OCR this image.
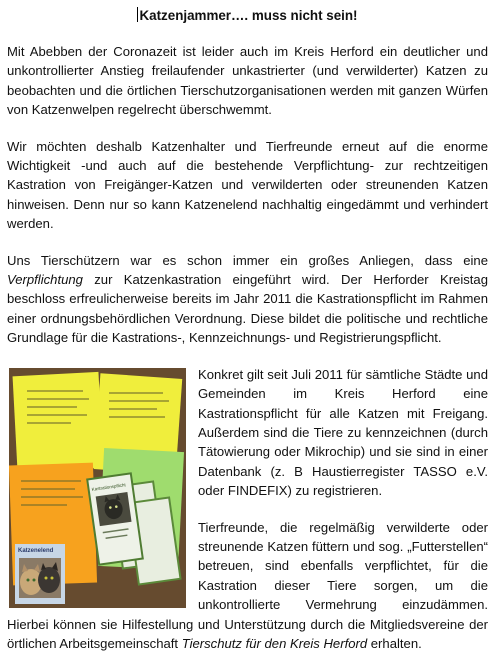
Katzenjammer…. muss nicht sein!

Mit Abebben der Coronazeit ist leider auch im Kreis Herford ein deutlicher und unkontrollierter Anstieg freilaufender unkastrierter (und verwilderter) Katzen zu beobachten und die örtlichen Tierschutzorganisationen werden mit ganzen Würfen von Katzenwelpen regelrecht überschwemmt.

Wir möchten deshalb Katzenhalter und Tierfreunde erneut auf die enorme Wichtigkeit -und auch auf die bestehende Verpflichtung- zur rechtzeitigen Kastration von Freigänger-Katzen und verwilderten oder streunenden Katzen hinweisen. Denn nur so kann Katzenelend nachhaltig eingedämmt und verhindert werden.

Uns Tierschützern war es schon immer ein großes Anliegen, dass eine Verpflichtung zur Katzenkastration eingeführt wird. Der Herforder Kreistag beschloss erfreulicherweise bereits im Jahr 2011 die Kastrationspflicht im Rahmen einer ordnungsbehördlichen Verordnung. Diese bildet die politische und rechtliche Grundlage für die Kastrations-, Kennzeichnungs- und Registrierungspflicht.

Kastrationspflicht
Katzenelend

Konkret gilt seit Juli 2011 für sämtliche Städte und Gemeinden im Kreis Herford eine Kastrationspflicht für alle Katzen mit Freigang. Außerdem sind die Tiere zu kennzeichnen (durch Tätowierung oder Mikrochip) und sie sind in einer Datenbank (z. B Haustierregister TASSO e.V. oder FINDEFIX) zu registrieren.

Tierfreunde, die regelmäßig verwilderte oder streunende Katzen füttern und sog. „Futterstellen“ betreuen, sind ebenfalls verpflichtet, für die Kastration dieser Tiere sorgen, um die unkontrollierte Vermehrung einzudämmen. Hierbei können sie Hilfestellung und Unterstützung durch die Mitgliedsvereine der örtlichen Arbeitsgemeinschaft Tierschutz für den Kreis Herford erhalten.
